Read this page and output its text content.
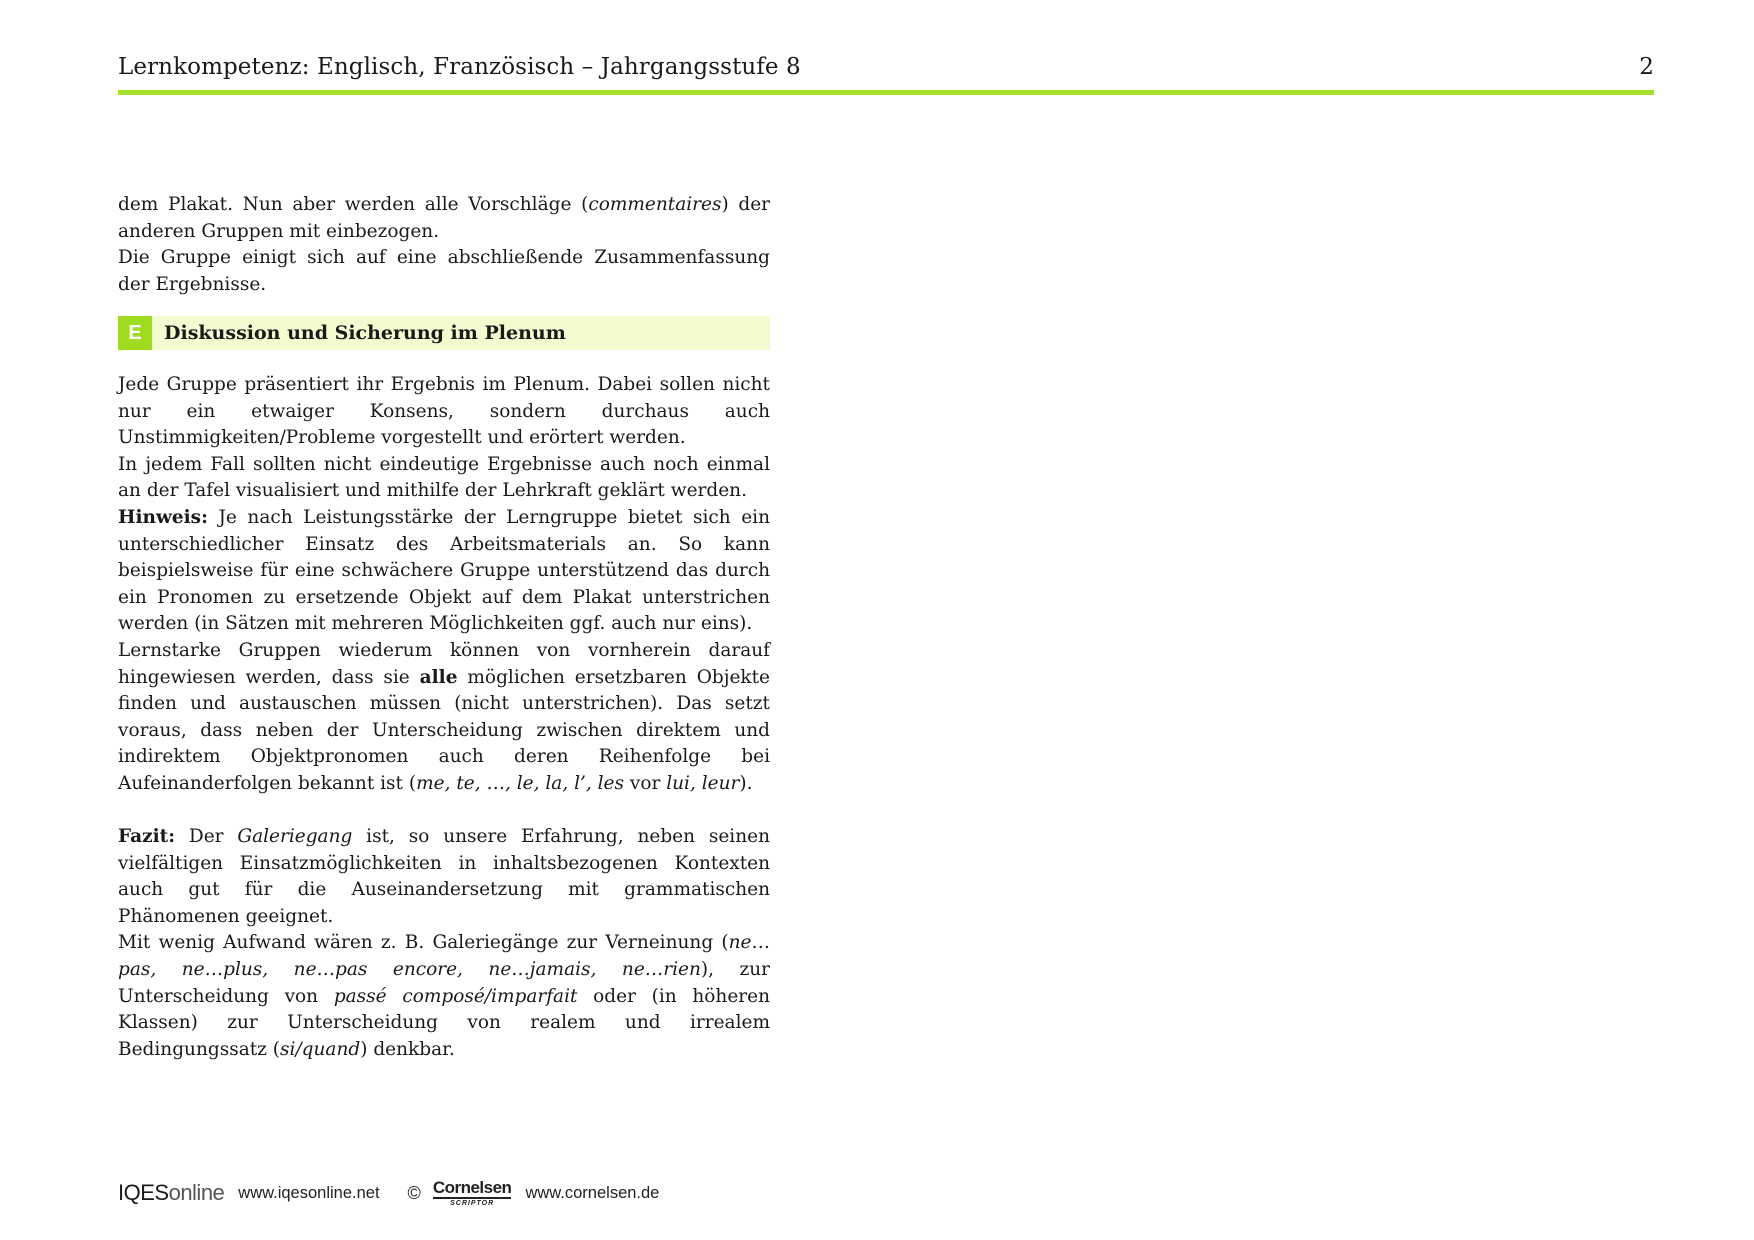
Lernkompetenz: Englisch, Französisch – Jahrgangsstufe 8	2

dem Plakat. Nun aber werden alle Vorschläge (commentaires) der anderen Gruppen mit einbezogen.

Die Gruppe einigt sich auf eine abschließende Zusammenfassung der Ergebnisse.

E	Diskussion und Sicherung im Plenum

Jede Gruppe präsentiert ihr Ergebnis im Plenum. Dabei sollen nicht nur ein etwaiger Konsens, sondern durchaus auch Unstimmigkeiten/Probleme vorgestellt und erörtert werden.

In jedem Fall sollten nicht eindeutige Ergebnisse auch noch einmal an der Tafel visualisiert und mithilfe der Lehrkraft geklärt werden.

Hinweis: Je nach Leistungsstärke der Lerngruppe bietet sich ein unterschiedlicher Einsatz des Arbeitsmaterials an. So kann beispielsweise für eine schwächere Gruppe unterstützend das durch ein Pronomen zu ersetzende Objekt auf dem Plakat unterstrichen werden (in Sätzen mit mehreren Möglichkeiten ggf. auch nur eins).

Lernstarke Gruppen wiederum können von vornherein darauf hingewiesen werden, dass sie alle möglichen ersetzbaren Objekte finden und austauschen müssen (nicht unterstrichen). Das setzt voraus, dass neben der Unterscheidung zwischen direktem und indirektem Objektpronomen auch deren Reihenfolge bei Aufeinanderfolgen bekannt ist (me, te, …, le, la, l’, les vor lui, leur).

Fazit: Der Galeriegang ist, so unsere Erfahrung, neben seinen vielfältigen Einsatzmöglichkeiten in inhaltsbezogenen Kontexten auch gut für die Auseinandersetzung mit grammatischen Phänomenen geeignet.

Mit wenig Aufwand wären z. B. Galeriegänge zur Verneinung (ne…pas, ne…plus, ne…pas encore, ne…jamais, ne…rien), zur Unterscheidung von passé composé/imparfait oder (in höheren Klassen) zur Unterscheidung von realem und irrealem Bedingungssatz (si/quand) denkbar.

IQESonline www.iqesonline.net © Cornelsen
SCRIPTOR
www.cornelsen.de
